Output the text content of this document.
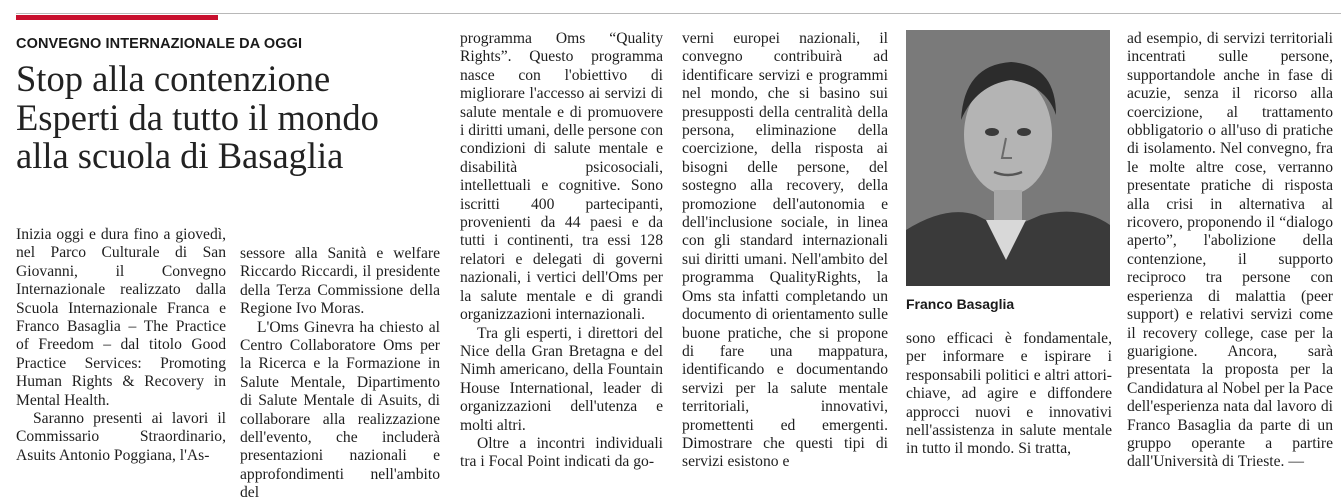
CONVEGNO INTERNAZIONALE DA OGGI
Stop alla contenzione
Esperti da tutto il mondo
alla scuola di Basaglia

Inizia oggi e dura fino a giovedì, nel Parco Culturale di San Giovanni, il Convegno Internazionale realizzato dalla Scuola Internazionale Franca e Franco Basaglia – The Practice of Freedom – dal titolo Good Practice Services: Promoting Human Rights & Recovery in Mental Health.

Saranno presenti ai lavori il Commissario Straordinario, Asuits Antonio Poggiana, l'As-

sessore alla Sanità e welfare Riccardo Riccardi, il presidente della Terza Commissione della Regione Ivo Moras.

L'Oms Ginevra ha chiesto al Centro Collaboratore Oms per la Ricerca e la Formazione in Salute Mentale, Dipartimento di Salute Mentale di Asuits, di collaborare alla realizzazione dell'evento, che includerà presentazioni nazionali e approfondimenti nell'ambito del

programma Oms “Quality Rights”. Questo programma nasce con l'obiettivo di migliorare l'accesso ai servizi di salute mentale e di promuovere i diritti umani, delle persone con condizioni di salute mentale e disabilità psicosociali, intellettuali e cognitive. Sono iscritti 400 partecipanti, provenienti da 44 paesi e da tutti i continenti, tra essi 128 relatori e delegati di governi nazionali, i vertici dell'Oms per la salute mentale e di grandi organizzazioni internazionali.

Tra gli esperti, i direttori del Nice della Gran Bretagna e del Nimh americano, della Fountain House International, leader di organizzazioni dell'utenza e molti altri.

Oltre a incontri individuali tra i Focal Point indicati da go-

verni europei nazionali, il convegno contribuirà ad identificare servizi e programmi nel mondo, che si basino sui presupposti della centralità della persona, eliminazione della coercizione, della risposta ai bisogni delle persone, del sostegno alla recovery, della promozione dell'autonomia e dell'inclusione sociale, in linea con gli standard internazionali sui diritti umani. Nell'ambito del programma QualityRights, la Oms sta infatti completando un documento di orientamento sulle buone pratiche, che si propone di fare una mappatura, identificando e documentando servizi per la salute mentale territoriali, innovativi, promettenti ed emergenti. Dimostrare che questi tipi di servizi esistono e

Franco Basaglia

sono efficaci è fondamentale, per informare e ispirare i responsabili politici e altri attori-chiave, ad agire e diffondere approcci nuovi e innovativi nell'assistenza in salute mentale in tutto il mondo. Si tratta,

ad esempio, di servizi territoriali incentrati sulle persone, supportandole anche in fase di acuzie, senza il ricorso alla coercizione, al trattamento obbligatorio o all'uso di pratiche di isolamento. Nel convegno, fra le molte altre cose, verranno presentate pratiche di risposta alla crisi in alternativa al ricovero, proponendo il “dialogo aperto”, l'abolizione della contenzione, il supporto reciproco tra persone con esperienza di malattia (peer support) e relativi servizi come il recovery college, case per la guarigione. Ancora, sarà presentata la proposta per la Candidatura al Nobel per la Pace dell'esperienza nata dal lavoro di Franco Basaglia da parte di un gruppo operante a partire dall'Università di Trieste. —
